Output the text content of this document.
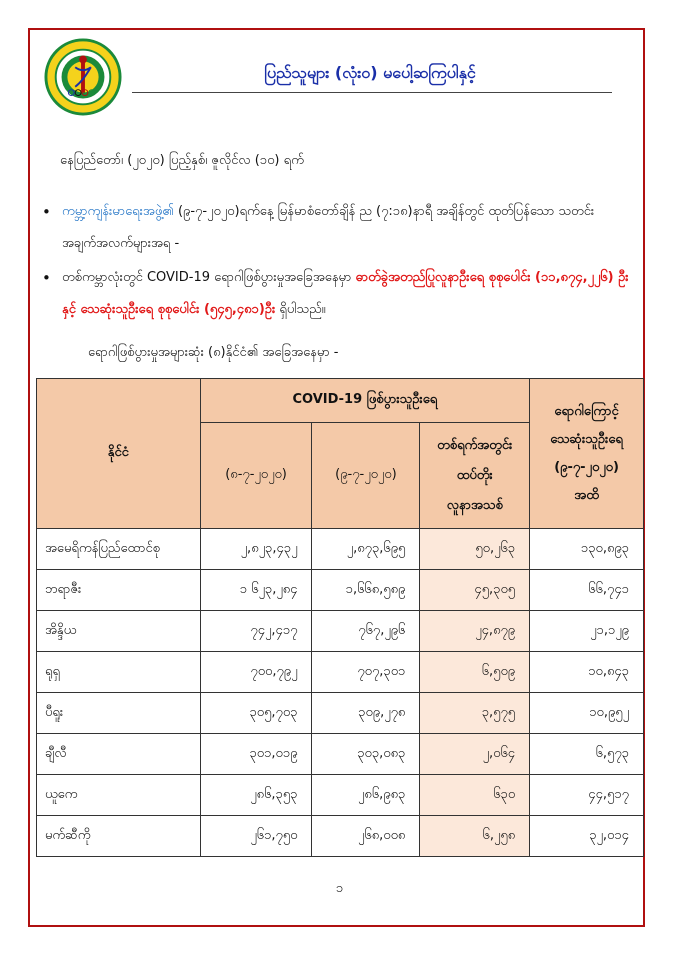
ပြည်သူများ (လုံး၀) မပေါ့ဆကြပါနှင့်
နေပြည်တော်၊ (၂၀၂၀) ပြည့်နှစ်၊ ဇူလိုင်လ (၁၀) ရက်
• ကမ္ဘာ့ကျန်းမာရေးအဖွဲ့၏ (၉-၇-၂၀၂၀)ရက်နေ့ မြန်မာစံတော်ချိန် ည (၇:၁၈)နာရီ အချိန်တွင် ထုတ်ပြန်သော သတင်းအချက်အလက်များအရ -
• တစ်ကမ္ဘာလုံးတွင် COVID-19 ရောဂါဖြစ်ပွားမှုအခြေအနေမှာ ဓာတ်ခွဲအတည်ပြုလူနာဦးရေ စုစုပေါင်း (၁၁,၈၇၄,၂၂၆) ဦးနှင့် သေဆုံးသူဦးရေ စုစုပေါင်း (၅၄၅,၄၈၁)ဦး ရှိပါသည်။
ရောဂါဖြစ်ပွားမှုအများဆုံး (၈)နိုင်ငံ၏ အခြေအနေမှာ -
နိုင်ငံ	COVID-19 ဖြစ်ပွားသူဦးရေ			ရောဂါကြောင့်
သေဆုံးသူဦးရေ
(၉-၇-၂၀၂၀)
အထိ

	(၈-၇-၂၀၂၀)	(၉-၇-၂၀၂၀)	တစ်ရက်အတွင်း
ထပ်တိုး
လူနာအသစ်	

အမေရိကန်ပြည်ထောင်စု	၂,၈၂၃,၄၃၂	၂,၈၇၃,၆၉၅	၅၀,၂၆၃	၁၃၀,၈၉၃
ဘရာဇီး	၁ ၆၂၃,၂၈၄	၁,၆၆၈,၅၈၉	၄၅,၃၀၅	၆၆,၇၄၁
အိန္ဒိယ	၇၄၂,၄၁၇	၇၆၇,၂၉၆	၂၄,၈၇၉	၂၁,၁၂၉
ရုရှ	၇၀၀,၇၉၂	၇၀၇,၃၀၁	၆,၅၀၉	၁၀,၈၄၃
ပီရူး	၃၀၅,၇၀၃	၃၀၉,၂၇၈	၃,၅၇၅	၁၀,၉၅၂
ချီလီ	၃၀၁,၀၁၉	၃၀၃,၀၈၃	၂,၀၆၄	၆,၅၇၃
ယူကေ	၂၈၆,၃၅၃	၂၈၆,၉၈၃	၆၃၀	၄၄,၅၁၇
မက်ဆီကို	၂၆၁,၇၅၀	၂၆၈,၀၀၈	၆,၂၅၈	၃၂,၀၁၄
၁
